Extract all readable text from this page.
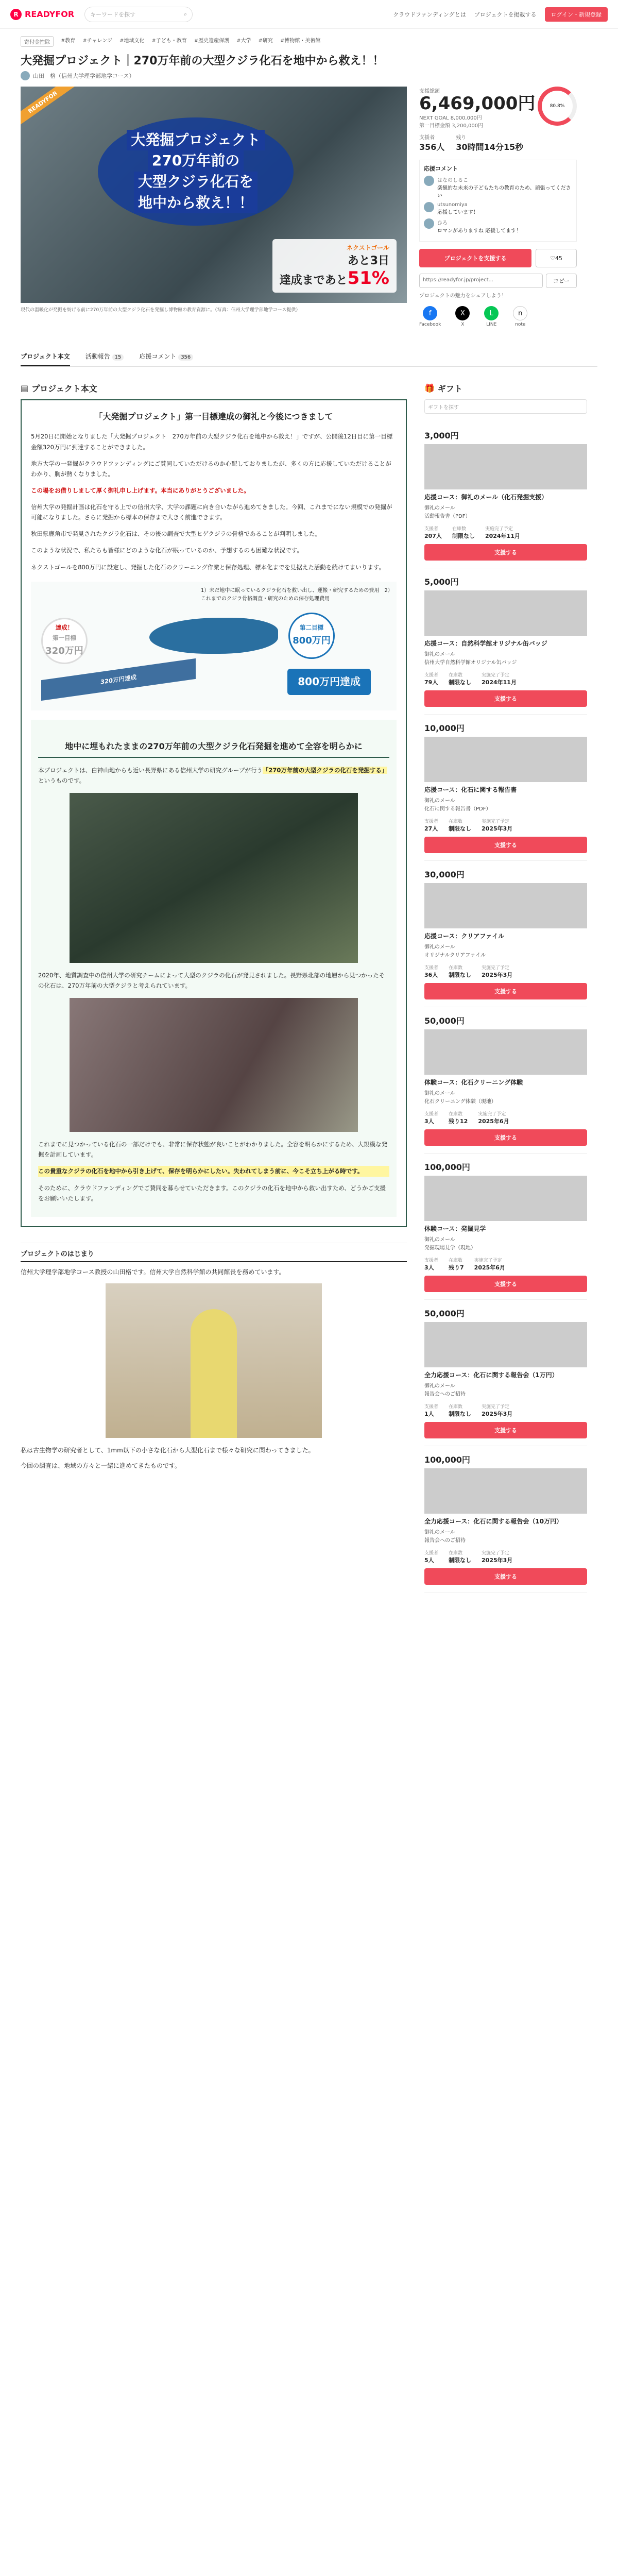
R READYFOR	キーワードを探す	⌕	クラウドファンディングとは プロジェクトを掲載する	ログイン・新規登録
寄付金控除	#教育 #チャレンジ #地域文化 #子ども・教育 #歴史遺産保護 #大学 #研究 #博物館・美術館
大発掘プロジェクト｜270万年前の大型クジラ化石を地中から救え！！
山田　格（信州大学理学部地学コース）
READYFOR
大発掘プロジェクト
270万年前の
大型クジラ化石を
地中から救え！！
ネクストゴール
あと3日
達成まであと51%
現代の温暖化が発掘を妨げる前に270万年前の大型クジラ化石を発掘し博物館の教育資源に。（写真：信州大学理学部地学コース提供）
支援総額
6,469,000円
NEXT GOAL 8,000,000円
第一目標金額 3,200,000円
80.8%
支援者
356人
残り
30時間14分15秒
応援コメント
はなのしるこ
楽観的な未来の子どもたちの教育のため、頑張ってください
utsunomiya
応援しています！
ひろ
ロマンがありますね 応援してます！
プロジェクトを支援する	♡ 45
https://readyfor.jp/project...	コピー
プロジェクトの魅力をシェアしよう！
f
Facebook
X
X
L
LINE
n
note
プロジェクト本文	活動報告 15	応援コメント 356
▤ プロジェクト本文
「大発掘プロジェクト」第一目標達成の御礼と今後につきまして

5月20日に開始となりました「大発掘プロジェクト　270万年前の大型クジラ化石を地中から救え！」ですが、公開後12日目に第一目標金額320万円に到達することができました。

地方大学の一発掘がクラウドファンディングにご賛同していただけるのか心配しておりましたが、多くの方に応援していただけることがわかり、胸が熱くなりました。

この場をお借りしまして厚く御礼申し上げます。本当にありがとうございました。

信州大学の発掘計画は化石を守る上での信州大学、大学の課題に向き合いながら進めてきました。今回、これまでにない規模での発掘が可能になりました。さらに発掘から標本の保存まで大きく前進できます。

秋田県鹿角市で発見されたクジラ化石は、その後の調査で大型ヒゲクジラの骨格であることが判明しました。

このような状況で、私たちも皆様にどのような化石が眠っているのか、予想するのも困難な状況です。

ネクストゴールを800万円に設定し、発掘した化石のクリーニング作業と保存処理、標本化までを見据えた活動を続けてまいります。

1）未だ地中に眠っているクジラ化石を救い出し、運搬・研究するための費用　2）これまでのクジラ骨格調査・研究のための保存処理費用
達成！
第一目標
320万円
第二目標
800万円
320万円達成	800万円達成
地中に埋もれたままの270万年前の大型クジラ化石発掘を進めて全容を明らかに

本プロジェクトは、白神山地からも近い長野県にある信州大学の研究グループが行う「270万年前の大型クジラの化石を発掘する」というものです。

2020年、地質調査中の信州大学の研究チームによって大型のクジラの化石が発見されました。長野県北部の地層から見つかったその化石は、270万年前の大型クジラと考えられています。

これまでに見つかっている化石の一部だけでも、非常に保存状態が良いことがわかりました。全容を明らかにするため、大規模な発掘を計画しています。

この貴重なクジラの化石を地中から引き上げて、保存を明らかにしたい。失われてしまう前に、今こそ立ち上がる時です。

そのために、クラウドファンディングでご賛同を募らせていただきます。このクジラの化石を地中から救い出すため、どうかご支援をお願いいたします。

プロジェクトのはじまり

信州大学理学部地学コース教授の山田格です。信州大学自然科学館の共同館長を務めています。

私は古生物学の研究者として、1mm以下の小さな化石から大型化石まで様々な研究に関わってきました。

今回の調査は、地域の方々と一緒に進めてきたものです。

🎁 ギフト
ギフトを探す
3,000円
応援コース：御礼のメール（化石発掘支援）
御礼のメール
活動報告書（PDF）
支援者
207人
在庫数
制限なし
実施完了予定
2024年11月
支援する
5,000円
応援コース：自然科学館オリジナル缶バッジ
御礼のメール
信州大学自然科学館オリジナル缶バッジ
支援者
79人
在庫数
制限なし
実施完了予定
2024年11月
支援する
10,000円
応援コース：化石に関する報告書
御礼のメール
化石に関する報告書（PDF）
支援者
27人
在庫数
制限なし
実施完了予定
2025年3月
支援する
30,000円
応援コース：クリアファイル
御礼のメール
オリジナルクリアファイル
支援者
36人
在庫数
制限なし
実施完了予定
2025年3月
支援する
50,000円
体験コース：化石クリーニング体験
御礼のメール
化石クリーニング体験（現地）
支援者
3人
在庫数
残り12
実施完了予定
2025年6月
支援する
100,000円
体験コース：発掘見学
御礼のメール
発掘現場見学（現地）
支援者
3人
在庫数
残り7
実施完了予定
2025年6月
支援する
50,000円
全力応援コース：化石に関する報告会（1万円）
御礼のメール
報告会へのご招待
支援者
1人
在庫数
制限なし
実施完了予定
2025年3月
支援する
100,000円
全力応援コース：化石に関する報告会（10万円）
御礼のメール
報告会へのご招待
支援者
5人
在庫数
制限なし
実施完了予定
2025年3月
支援する
